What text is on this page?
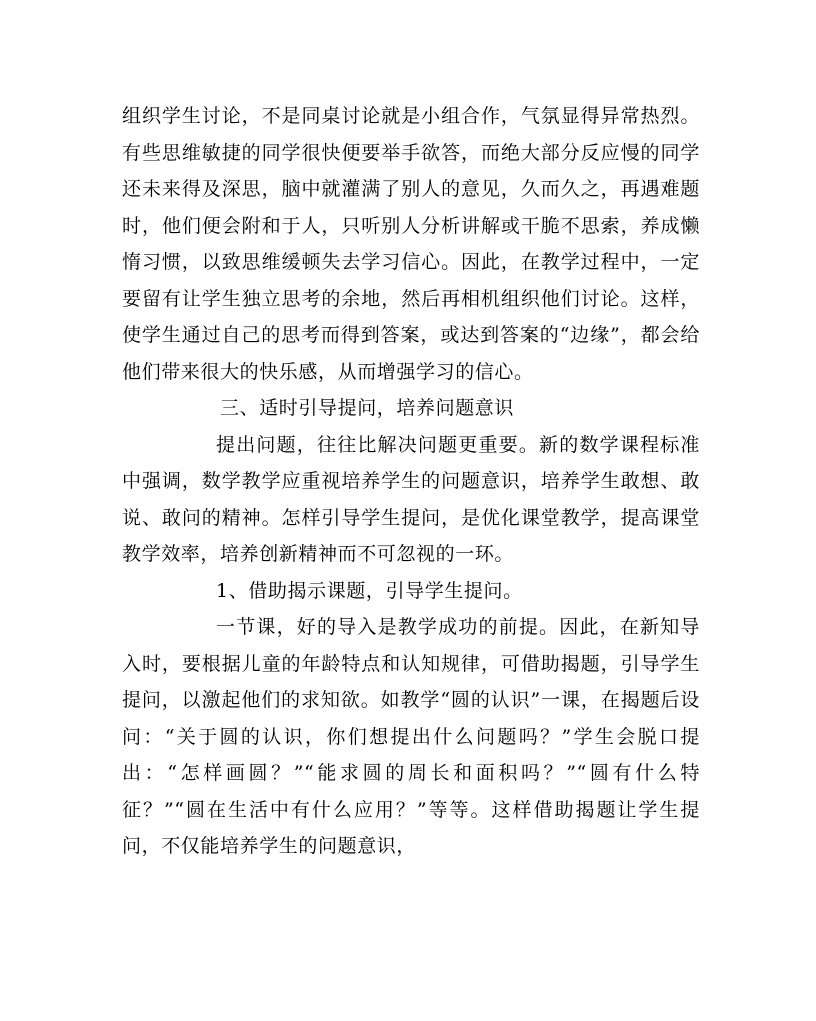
组织学生讨论，不是同桌讨论就是小组合作，气氛显得异常热烈。有些思维敏捷的同学很快便要举手欲答，而绝大部分反应慢的同学还未来得及深思，脑中就灌满了别人的意见，久而久之，再遇难题时，他们便会附和于人，只听别人分析讲解或干脆不思索，养成懒惰习惯，以致思维缓顿失去学习信心。因此，在教学过程中，一定要留有让学生独立思考的余地，然后再相机组织他们讨论。这样，使学生通过自己的思考而得到答案，或达到答案的“边缘”，都会给他们带来很大的快乐感，从而增强学习的信心。

三、适时引导提问，培养问题意识

提出问题，往往比解决问题更重要。新的数学课程标准中强调，数学教学应重视培养学生的问题意识，培养学生敢想、敢说、敢问的精神。怎样引导学生提问，是优化课堂教学，提高课堂教学效率，培养创新精神而不可忽视的一环。

1、借助揭示课题，引导学生提问。

一节课，好的导入是教学成功的前提。因此，在新知导入时，要根据儿童的年龄特点和认知规律，可借助揭题，引导学生提问，以激起他们的求知欲。如教学“圆的认识”一课，在揭题后设问：“关于圆的认识，你们想提出什么问题吗？”学生会脱口提出：“怎样画圆？”“能求圆的周长和面积吗？”“圆有什么特征？”“圆在生活中有什么应用？”等等。这样借助揭题让学生提问，不仅能培养学生的问题意识，
